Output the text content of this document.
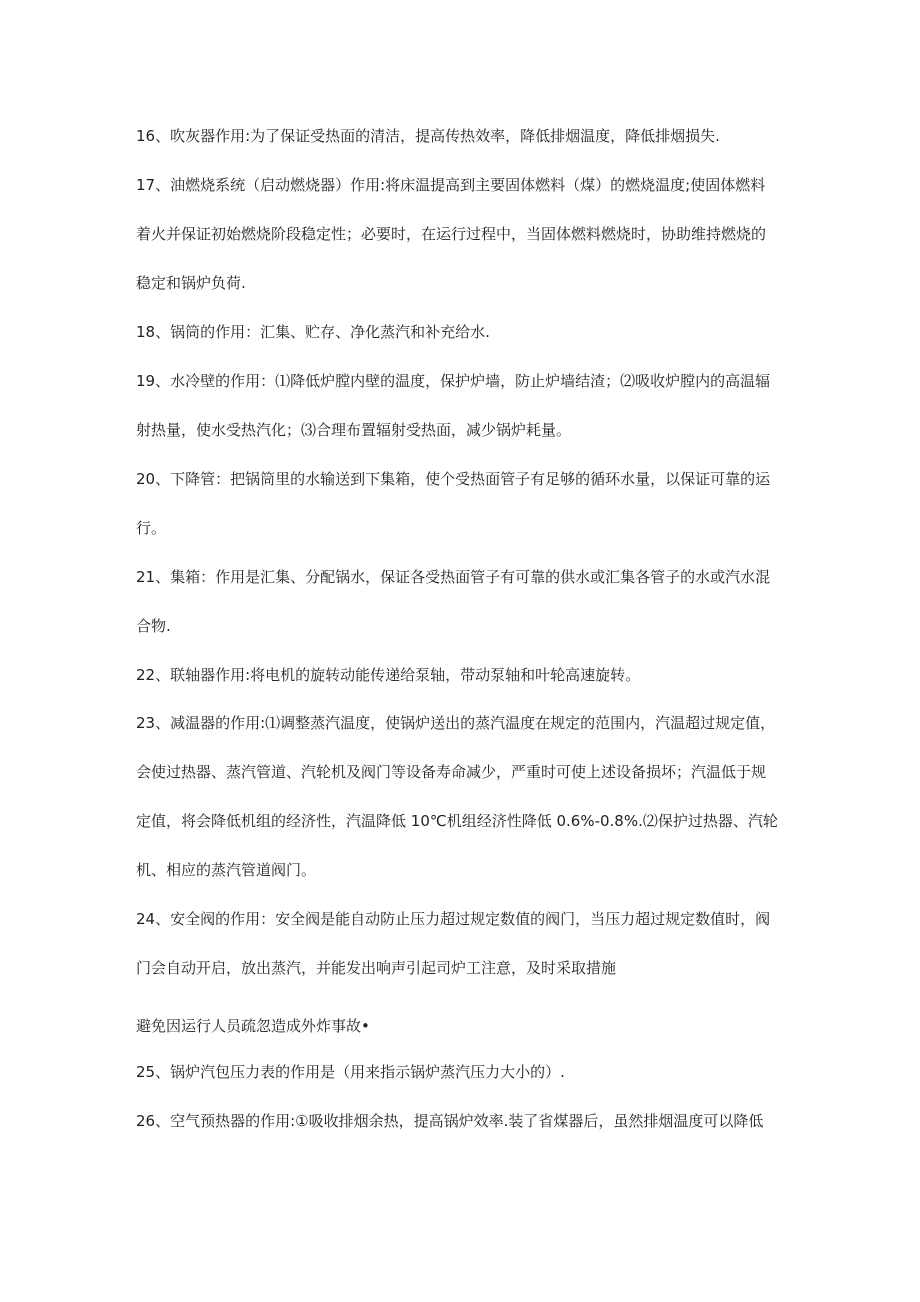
16、吹灰器作用:为了保证受热面的清洁，提高传热效率，降低排烟温度，降低排烟损失.
17、油燃烧系统（启动燃烧器）作用:将床温提高到主要固体燃料（煤）的燃烧温度;使固体燃料
着火并保证初始燃烧阶段稳定性；必要时，在运行过程中，当固体燃料燃烧时，协助维持燃烧的
稳定和锅炉负荷.
18、锅筒的作用：汇集、贮存、净化蒸汽和补充给水.
19、水冷壁的作用：⑴降低炉膛内壁的温度，保护炉墙，防止炉墙结渣；⑵吸收炉膛内的高温辐
射热量，使水受热汽化；⑶合理布置辐射受热面，减少锅炉耗量。
20、下降管：把锅筒里的水输送到下集箱，使个受热面管子有足够的循环水量，以保证可靠的运
行。
21、集箱：作用是汇集、分配锅水，保证各受热面管子有可靠的供水或汇集各管子的水或汽水混
合物.
22、联轴器作用:将电机的旋转动能传递给泵轴，带动泵轴和叶轮高速旋转。
23、减温器的作用:⑴调整蒸汽温度，使锅炉送出的蒸汽温度在规定的范围内，汽温超过规定值，
会使过热器、蒸汽管道、汽轮机及阀门等设备寿命减少，严重时可使上述设备损坏；汽温低于规
定值，将会降低机组的经济性，汽温降低 10℃机组经济性降低 0.6%-0.8%.⑵保护过热器、汽轮
机、相应的蒸汽管道阀门。
24、安全阀的作用：安全阀是能自动防止压力超过规定数值的阀门，当压力超过规定数值时，阀
门会自动开启，放出蒸汽，并能发出响声引起司炉工注意，及时采取措施
避免因运行人员疏忽造成外炸事故•
25、锅炉汽包压力表的作用是（用来指示锅炉蒸汽压力大小的）.
26、空气预热器的作用:①吸收排烟余热，提高锅炉效率.装了省煤器后，虽然排烟温度可以降低
